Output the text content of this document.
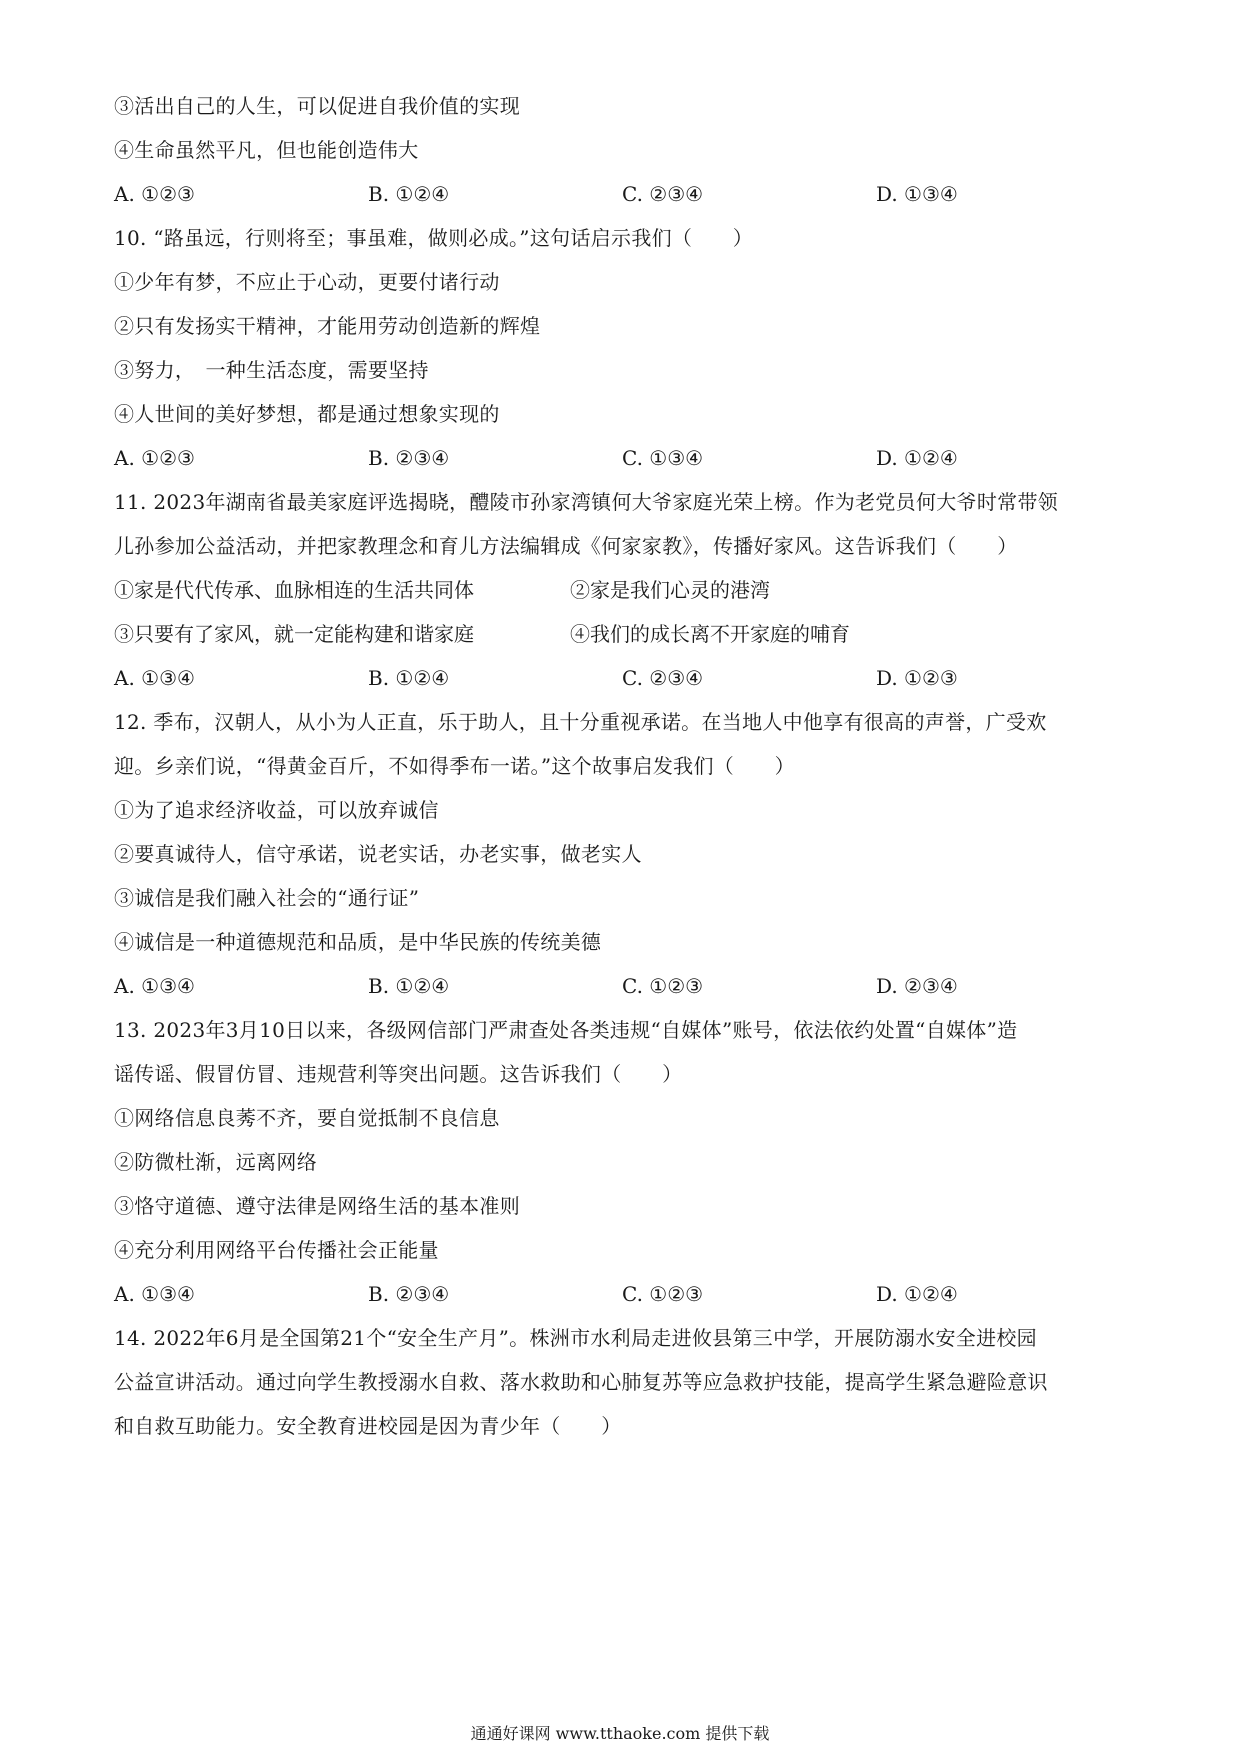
③活出自己的人生，可以促进自我价值的实现
④生命虽然平凡，但也能创造伟大
A. ①②③	B. ①②④	C. ②③④	D. ①③④
10. “路虽远，行则将至；事虽难，做则必成。”这句话启示我们（　　）
①少年有梦，不应止于心动，更要付诸行动
②只有发扬实干精神，才能用劳动创造新的辉煌
③努力，　一种生活态度，需要坚持
④人世间的美好梦想，都是通过想象实现的
A. ①②③	B. ②③④	C. ①③④	D. ①②④
11. 2023年湖南省最美家庭评选揭晓，醴陵市孙家湾镇何大爷家庭光荣上榜。作为老党员何大爷时常带领
儿孙参加公益活动，并把家教理念和育儿方法编辑成《何家家教》，传播好家风。这告诉我们（　　）
①家是代代传承、血脉相连的生活共同体	②家是我们心灵的港湾
③只要有了家风，就一定能构建和谐家庭	④我们的成长离不开家庭的哺育
A. ①③④	B. ①②④	C. ②③④	D. ①②③
12. 季布，汉朝人，从小为人正直，乐于助人，且十分重视承诺。在当地人中他享有很高的声誉，广受欢
迎。乡亲们说，“得黄金百斤，不如得季布一诺。”这个故事启发我们（　　）
①为了追求经济收益，可以放弃诚信
②要真诚待人，信守承诺，说老实话，办老实事，做老实人
③诚信是我们融入社会的“通行证”
④诚信是一种道德规范和品质，是中华民族的传统美德
A. ①③④	B. ①②④	C. ①②③	D. ②③④
13. 2023年3月10日以来，各级网信部门严肃查处各类违规“自媒体”账号，依法依约处置“自媒体”造
谣传谣、假冒仿冒、违规营利等突出问题。这告诉我们（　　）
①网络信息良莠不齐，要自觉抵制不良信息
②防微杜渐，远离网络
③恪守道德、遵守法律是网络生活的基本准则
④充分利用网络平台传播社会正能量
A. ①③④	B. ②③④	C. ①②③	D. ①②④
14. 2022年6月是全国第21个“安全生产月”。株洲市水利局走进攸县第三中学，开展防溺水安全进校园
公益宣讲活动。通过向学生教授溺水自救、落水救助和心肺复苏等应急救护技能，提高学生紧急避险意识
和自救互助能力。安全教育进校园是因为青少年（　　）
通通好课网 www.tthaoke.com 提供下载
